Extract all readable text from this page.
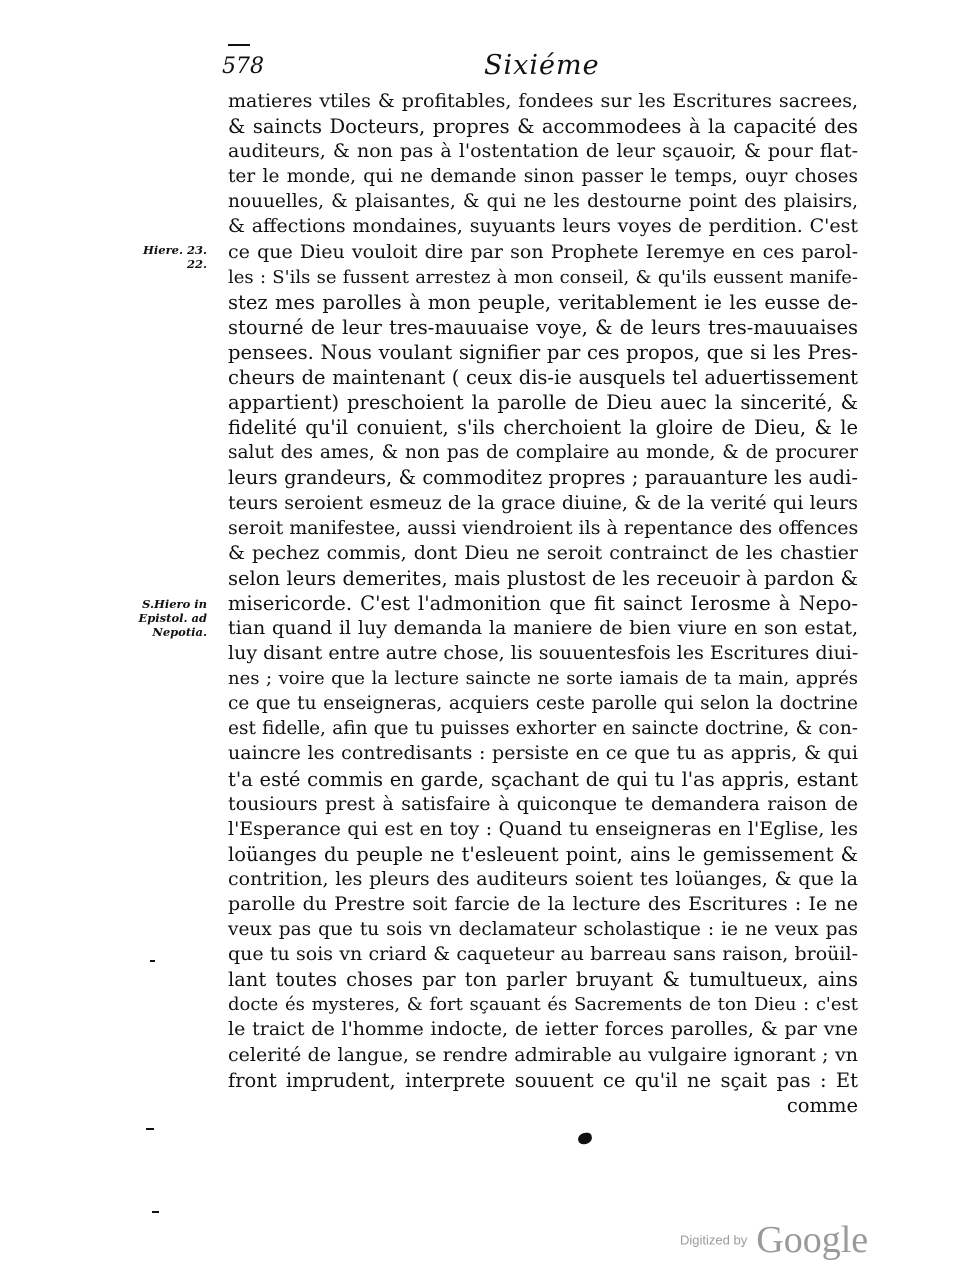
578	Sixiéme
Hiere. 23.
22.
S.Hiero in
Epistol. ad
Nepotia.
matieres vtiles & profitables, fondees sur les Escritures sacrees,
& saincts Docteurs, propres & accommodees à la capacité des
auditeurs, & non pas à l'ostentation de leur sçauoir, & pour flat-
ter le monde, qui ne demande sinon passer le temps, ouyr choses
nouuelles, & plaisantes, & qui ne les destourne point des plaisirs,
& affections mondaines, suyuants leurs voyes de perdition. C'est
ce que Dieu vouloit dire par son Prophete Ieremye en ces parol-
les : S'ils se fussent arrestez à mon conseil, & qu'ils eussent manife-
stez mes parolles à mon peuple, veritablement ie les eusse de-
stourné de leur tres-mauuaise voye, & de leurs tres-mauuaises
pensees. Nous voulant signifier par ces propos, que si les Pres-
cheurs de maintenant ( ceux dis-ie ausquels tel aduertissement
appartient) preschoient la parolle de Dieu auec la sincerité, &
fidelité qu'il conuient, s'ils cherchoient la gloire de Dieu, & le
salut des ames, & non pas de complaire au monde, & de procurer
leurs grandeurs, & commoditez propres ; parauanture les audi-
teurs seroient esmeuz de la grace diuine, & de la verité qui leurs
seroit manifestee, aussi viendroient ils à repentance des offences
& pechez commis, dont Dieu ne seroit contrainct de les chastier
selon leurs demerites, mais plustost de les receuoir à pardon &
misericorde. C'est l'admonition que fit sainct Ierosme à Nepo-
tian quand il luy demanda la maniere de bien viure en son estat,
luy disant entre autre chose, lis souuentesfois les Escritures diui-
nes ; voire que la lecture saincte ne sorte iamais de ta main, apprés
ce que tu enseigneras, acquiers ceste parolle qui selon la doctrine
est fidelle, afin que tu puisses exhorter en saincte doctrine, & con-
uaincre les contredisants : persiste en ce que tu as appris, & qui
t'a esté commis en garde, sçachant de qui tu l'as appris, estant
tousiours prest à satisfaire à quiconque te demandera raison de
l'Esperance qui est en toy : Quand tu enseigneras en l'Eglise, les
loüanges du peuple ne t'esleuent point, ains le gemissement &
contrition, les pleurs des auditeurs soient tes loüanges, & que la
parolle du Prestre soit farcie de la lecture des Escritures : Ie ne
veux pas que tu sois vn declamateur scholastique : ie ne veux pas
que tu sois vn criard & caqueteur au barreau sans raison, broüil-
lant toutes choses par ton parler bruyant & tumultueux, ains
docte és mysteres, & fort sçauant és Sacrements de ton Dieu : c'est
le traict de l'homme indocte, de ietter forces parolles, & par vne
celerité de langue, se rendre admirable au vulgaire ignorant ; vn
front imprudent, interprete souuent ce qu'il ne sçait pas : Et
comme
Digitized by Google
